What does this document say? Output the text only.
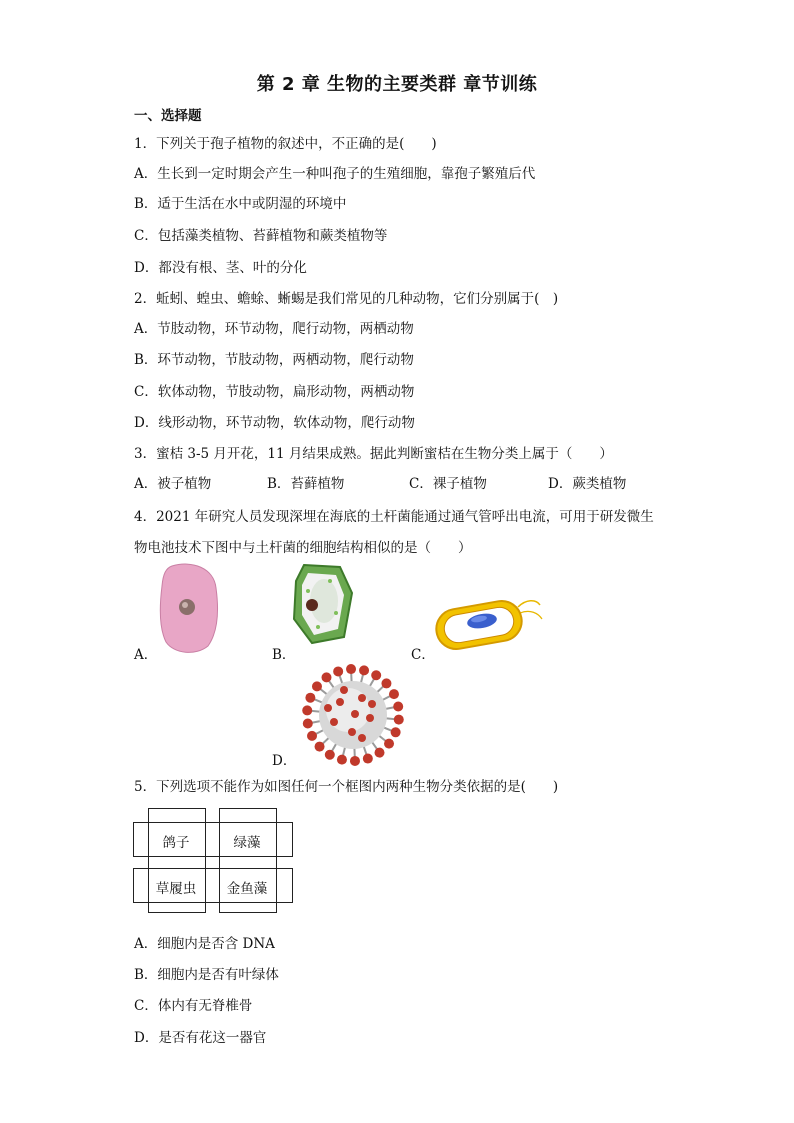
第 2 章 生物的主要类群 章节训练
一、选择题
1．下列关于孢子植物的叙述中，不正确的是(　　)
A．生长到一定时期会产生一种叫孢子的生殖细胞，靠孢子繁殖后代
B．适于生活在水中或阴湿的环境中
C．包括藻类植物、苔藓植物和蕨类植物等
D．都没有根、茎、叶的分化
2．蚯蚓、蝗虫、蟾蜍、蜥蜴是我们常见的几种动物，它们分别属于(　)
A．节肢动物，环节动物，爬行动物，两栖动物
B．环节动物，节肢动物，两栖动物，爬行动物
C．软体动物，节肢动物，扁形动物，两栖动物
D．线形动物，环节动物，软体动物，爬行动物
3．蜜桔 3-5 月开花，11 月结果成熟。据此判断蜜桔在生物分类上属于（　　）
A．被子植物	B．苔藓植物	C．裸子植物	D．蕨类植物
4．2021 年研究人员发现深埋在海底的土杆菌能通过通气管呼出电流，可用于研发微生
物电池技术下图中与土杆菌的细胞结构相似的是（　　）
A．	B．	C．
D．
5．下列选项不能作为如图任何一个框图内两种生物分类依据的是(　　)
鸽子	绿藻
草履虫	金鱼藻
A．细胞内是否含 DNA
B．细胞内是否有叶绿体
C．体内有无脊椎骨
D．是否有花这一器官
